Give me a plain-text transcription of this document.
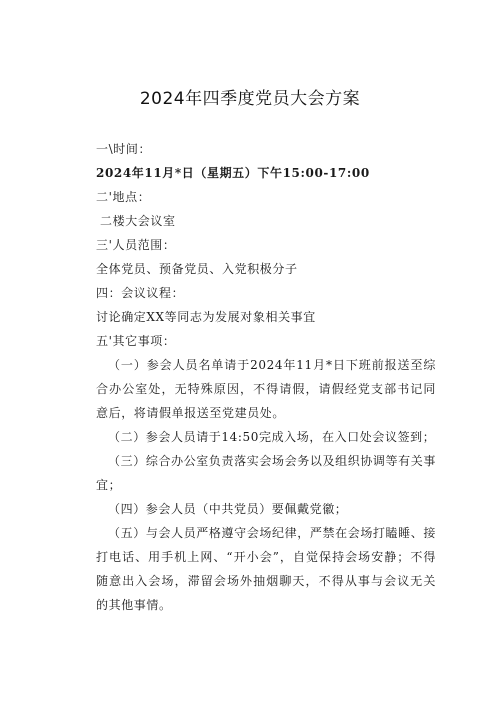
2024年四季度党员大会方案
一\时间：
2024年11月*日（星期五）下午15:00-17:00
二'地点：
二楼大会议室
三'人员范围：
全体党员、预备党员、入党积极分子
四：会议议程：
讨论确定XX等同志为发展对象相关事宜
五'其它事项：
（一）参会人员名单请于2024年11月*日下班前报送至综合办公室处，无特殊原因，不得请假，请假经党支部书记同意后，将请假单报送至党建员处。
（二）参会人员请于14:50完成入场，在入口处会议签到；
（三）综合办公室负责落实会场会务以及组织协调等有关事宜；
（四）参会人员（中共党员）要佩戴党徽；
（五）与会人员严格遵守会场纪律，严禁在会场打瞌睡、接打电话、用手机上网、“开小会”，自觉保持会场安静；不得随意出入会场，滞留会场外抽烟聊天，不得从事与会议无关的其他事情。
